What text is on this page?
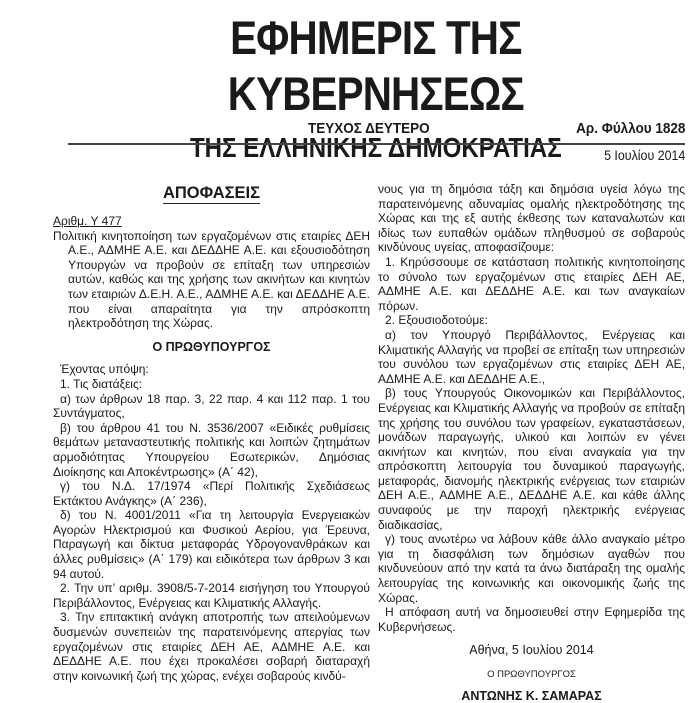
ΕΦΗΜΕΡΙΣ ΤΗΣ ΚΥΒΕΡΝΗΣΕΩΣ
ΤΗΣ ΕΛΛΗΝΙΚΗΣ ΔΗΜΟΚΡΑΤΙΑΣ
ΤΕΥΧΟΣ ΔΕΥΤΕΡΟ	Αρ. Φύλλου 1828
5 Ιουλίου 2014
ΑΠΟΦΑΣΕΙΣ

Αριθμ. Υ 477

Πολιτική κινητοποίηση των εργαζομένων στις εταιρίες ΔΕΗ Α.Ε., ΑΔΜΗΕ Α.Ε. και ΔΕΔΔΗΕ Α.Ε. και εξουσιοδότηση Υπουργών να προβούν σε επίταξη των υπηρεσιών αυτών, καθώς και της χρήσης των ακινήτων και κινητών των εταιριών Δ.Ε.Η. Α.Ε., ΑΔΜΗΕ Α.Ε. και ΔΕΔΔΗΕ Α.Ε. που είναι απαραίτητα για την απρόσκοπτη ηλεκτροδότηση της Χώρας.

Ο ΠΡΩΘΥΠΟΥΡΓΟΣ

Έχοντας υπόψη:

1. Τις διατάξεις:

α) των άρθρων 18 παρ. 3, 22 παρ. 4 και 112 παρ. 1 του Συντάγματος,

β) του άρθρου 41 του Ν. 3536/2007 «Ειδικές ρυθμίσεις θεμάτων μεταναστευτικής πολιτικής και λοιπών ζητημάτων αρμοδιότητας Υπουργείου Εσωτερικών, Δημόσιας Διοίκησης και Αποκέντρωσης» (Α΄ 42),

γ) του Ν.Δ. 17/1974 «Περί Πολιτικής Σχεδιάσεως Εκτάκτου Ανάγκης» (Α΄ 236),

δ) του Ν. 4001/2011 «Για τη λειτουργία Ενεργειακών Αγορών Ηλεκτρισμού και Φυσικού Αερίου, για Έρευνα, Παραγωγή και δίκτυα μεταφοράς Υδρογονανθράκων και άλλες ρυθμίσεις» (Α΄ 179) και ειδικότερα των άρθρων 3 και 94 αυτού.

2. Την υπ’ αριθμ. 3908/5-7-2014 εισήγηση του Υπουργού Περιβάλλοντος, Ενέργειας και Κλιματικής Αλλαγής.

3. Την επιτακτική ανάγκη αποτροπής των απειλούμενων δυσμενών συνεπειών της παρατεινόμενης απεργίας των εργαζομένων στις εταιρίες ΔΕΗ ΑΕ, ΑΔΜΗΕ Α.Ε. και ΔΕΔΔΗΕ Α.Ε. που έχει προκαλέσει σοβαρή διαταραχή στην κοινωνική ζωή της χώρας, ενέχει σοβαρούς κινδύ-

νους για τη δημόσια τάξη και δημόσια υγεία λόγω της παρατεινόμενης αδυναμίας ομαλής ηλεκτροδότησης της Χώρας και της εξ αυτής έκθεσης των καταναλωτών και ιδίως των ευπαθών ομάδων πληθυσμού σε σοβαρούς κινδύνους υγείας, αποφασίζουμε:

1. Κηρύσσουμε σε κατάσταση πολιτικής κινητοποίησης το σύνολο των εργαζομένων στις εταιρίες ΔΕΗ ΑΕ, ΑΔΜΗΕ Α.Ε. και ΔΕΔΔΗΕ Α.Ε. και των αναγκαίων πόρων.

2. Εξουσιοδοτούμε:

α) τον Υπουργό Περιβάλλοντος, Ενέργειας και Κλιματικής Αλλαγής να προβεί σε επίταξη των υπηρεσιών του συνόλου των εργαζομένων στις εταιρίες ΔΕΗ ΑΕ, ΑΔΜΗΕ Α.Ε. και ΔΕΔΔΗΕ Α.Ε.,

β) τους Υπουργούς Οικονομικών και Περιβάλλοντος, Ενέργειας και Κλιματικής Αλλαγής να προβούν σε επίταξη της χρήσης του συνόλου των γραφείων, εγκαταστάσεων, μονάδων παραγωγής, υλικού και λοιπών εν γένει ακινήτων και κινητών, που είναι αναγκαία για την απρόσκοπτη λειτουργία του δυναμικού παραγωγής, μεταφοράς, διανομής ηλεκτρικής ενέργειας των εταιριών ΔΕΗ Α.Ε., ΑΔΜΗΕ Α.Ε., ΔΕΔΔΗΕ Α.Ε. και κάθε άλλης συναφούς με την παροχή ηλεκτρικής ενέργειας διαδικασίας,

γ) τους ανωτέρω να λάβουν κάθε άλλο αναγκαίο μέτρο για τη διασφάλιση των δημόσιων αγαθών που κινδυνεύουν από την κατά τα άνω διατάραξη της ομαλής λειτουργίας της κοινωνικής και οικονομικής ζωής της Χώρας.

Η απόφαση αυτή να δημοσιευθεί στην Εφημερίδα της Κυβερνήσεως.

Αθήνα, 5 Ιουλίου 2014
Ο ΠΡΩΘΥΠΟΥΡΓΟΣ
ΑΝΤΩΝΗΣ Κ. ΣΑΜΑΡΑΣ
